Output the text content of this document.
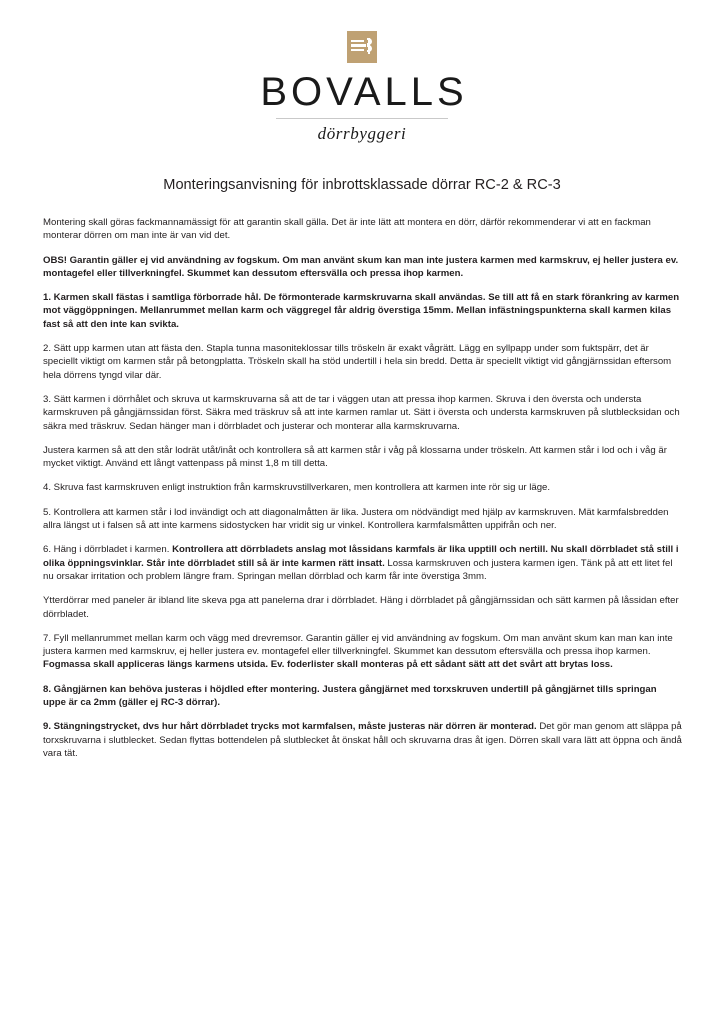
BOVALLS
dörrbyggeri
Monteringsanvisning för inbrottsklassade dörrar RC-2 & RC-3

Montering skall göras fackmannamässigt för att garantin skall gälla. Det är inte lätt att montera en dörr, därför rekommenderar vi att en fackman monterar dörren om man inte är van vid det.

OBS! Garantin gäller ej vid användning av fogskum. Om man använt skum kan man inte justera karmen med karmskruv, ej heller justera ev. montagefel eller tillverkningfel. Skummet kan dessutom eftersvälla och pressa ihop karmen.

1. Karmen skall fästas i samtliga förborrade hål. De förmonterade karmskruvarna skall användas. Se till att få en stark förankring av karmen mot väggöppningen. Mellanrummet mellan karm och väggregel får aldrig överstiga 15mm. Mellan infästningspunkterna skall karmen kilas fast så att den inte kan svikta.

2. Sätt upp karmen utan att fästa den. Stapla tunna masoniteklossar tills tröskeln är exakt vågrätt. Lägg en syllpapp under som fuktspärr, det är speciellt viktigt om karmen står på betongplatta. Tröskeln skall ha stöd undertill i hela sin bredd. Detta är speciellt viktigt vid gångjärnssidan eftersom hela dörrens tyngd vilar där.

3. Sätt karmen i dörrhålet och skruva ut karmskruvarna så att de tar i väggen utan att pressa ihop karmen. Skruva i den översta och understa karmskruven på gångjärnssidan först. Säkra med träskruv så att inte karmen ramlar ut. Sätt i översta och understa karmskruven på slutblecksidan och säkra med träskruv. Sedan hänger man i dörrbladet och justerar och monterar alla karmskruvarna.

Justera karmen så att den står lodrät utåt/inåt och kontrollera så att karmen står i våg på klossarna under tröskeln. Att karmen står i lod och i våg är mycket viktigt. Använd ett långt vattenpass på minst 1,8 m till detta.

4. Skruva fast karmskruven enligt instruktion från karmskruvstillverkaren, men kontrollera att karmen inte rör sig ur läge.

5. Kontrollera att karmen står i lod invändigt och att diagonalmåtten är lika. Justera om nödvändigt med hjälp av karmskruven. Mät karmfalsbredden allra längst ut i falsen så att inte karmens sidostycken har vridit sig ur vinkel. Kontrollera karmfalsmåtten uppifrån och ner.

6. Häng i dörrbladet i karmen. Kontrollera att dörrbladets anslag mot låssidans karmfals är lika upptill och nertill. Nu skall dörrbladet stå still i olika öppningsvinklar. Står inte dörrbladet still så är inte karmen rätt insatt. Lossa karmskruven och justera karmen igen. Tänk på att ett litet fel nu orsakar irritation och problem längre fram. Springan mellan dörrblad och karm får inte överstiga 3mm.

Ytterdörrar med paneler är ibland lite skeva pga att panelerna drar i dörrbladet. Häng i dörrbladet på gångjärnssidan och sätt karmen på låssidan efter dörrbladet.

7. Fyll mellanrummet mellan karm och vägg med drevremsor. Garantin gäller ej vid användning av fogskum. Om man använt skum kan man kan inte justera karmen med karmskruv, ej heller justera ev. montagefel eller tillverkningfel. Skummet kan dessutom eftersvälla och pressa ihop karmen. Fogmassa skall appliceras längs karmens utsida. Ev. foderlister skall monteras på ett sådant sätt att det svårt att brytas loss.

8. Gångjärnen kan behöva justeras i höjdled efter montering. Justera gångjärnet med torxskruven undertill på gångjärnet tills springan uppe är ca 2mm (gäller ej RC-3 dörrar).

9. Stängningstrycket, dvs hur hårt dörrbladet trycks mot karmfalsen, måste justeras när dörren är monterad. Det gör man genom att släppa på torxskruvarna i slutblecket. Sedan flyttas bottendelen på slutblecket åt önskat håll och skruvarna dras åt igen. Dörren skall vara lätt att öppna och ändå vara tät.
